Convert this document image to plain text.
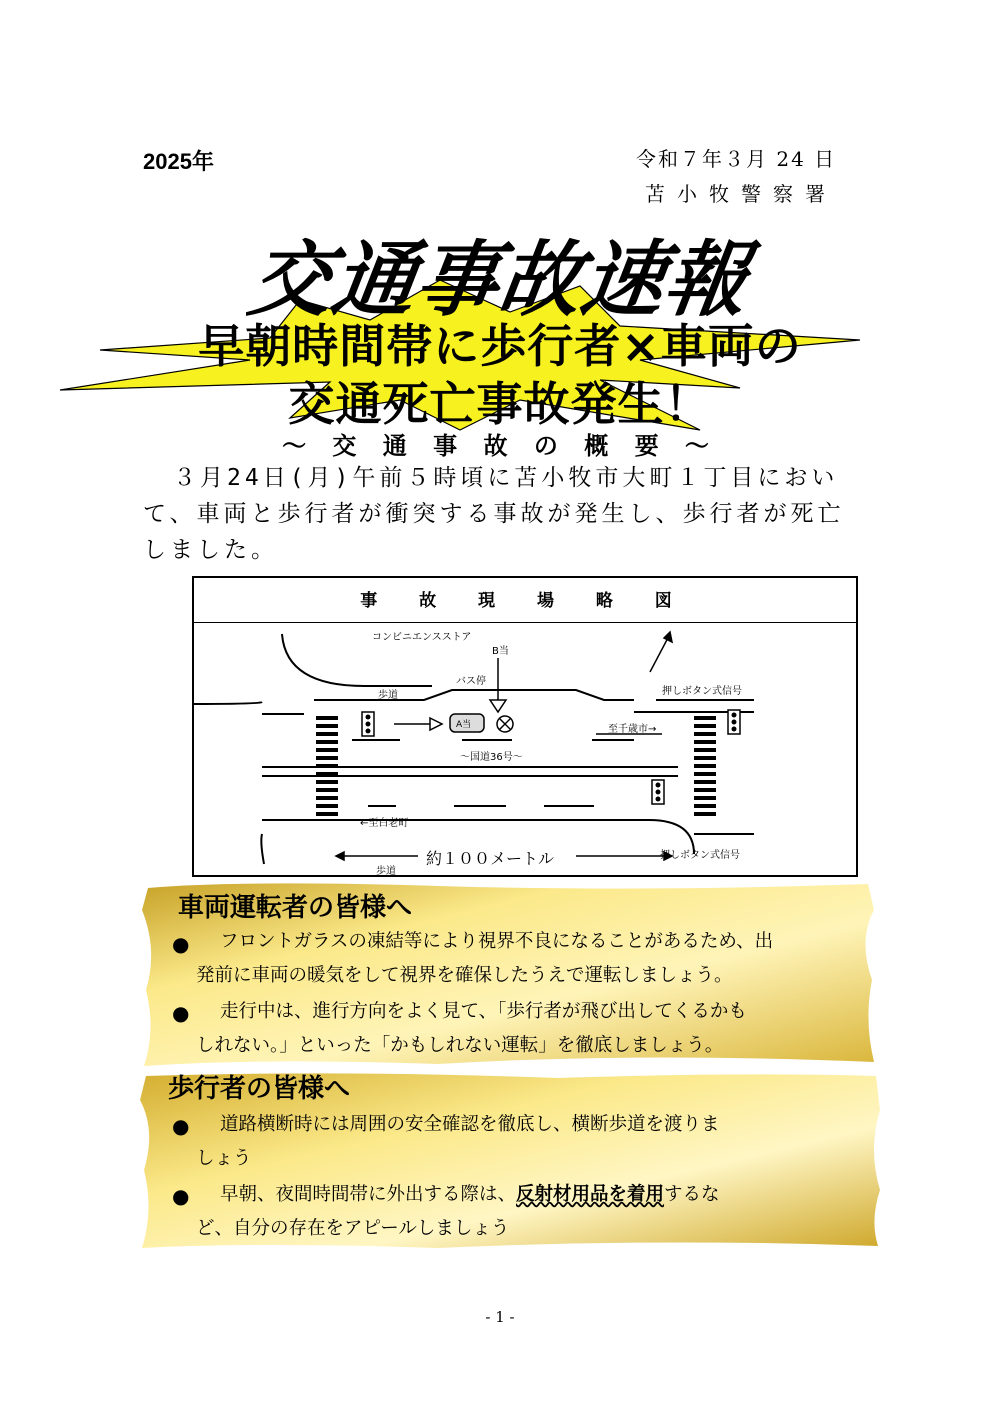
2025年	令和７年３月 24 日
苫小牧警察署
交通事故速報
早朝時間帯に歩行者×車両の
交通死亡事故発生！
～ 交 通 事 故 の 概 要 ～
３月24日(月)午前５時頃に苫小牧市大町１丁目におい
て、車両と歩行者が衝突する事故が発生し、歩行者が死亡
しました。
事 故 現 場 略 図
コンビニエンスストア
B当
バス停
歩道	押しボタン式信号
A当	至千歳市→
～国道36号～
←至白老町
約１００メートル
歩道
押しボタン式信号
車両運転者の皆様へ
● フロントガラスの凍結等により視界不良になることがあるため、出
発前に車両の暖気をして視界を確保したうえで運転しましょう。
● 走行中は、進行方向をよく見て、「歩行者が飛び出してくるかも
しれない。」といった「かもしれない運転」を徹底しましょう。
歩行者の皆様へ
● 道路横断時には周囲の安全確認を徹底し、横断歩道を渡りま
しょう
● 早朝、夜間時間帯に外出する際は、反射材用品を着用するな
ど、自分の存在をアピールしましょう
- 1 -
